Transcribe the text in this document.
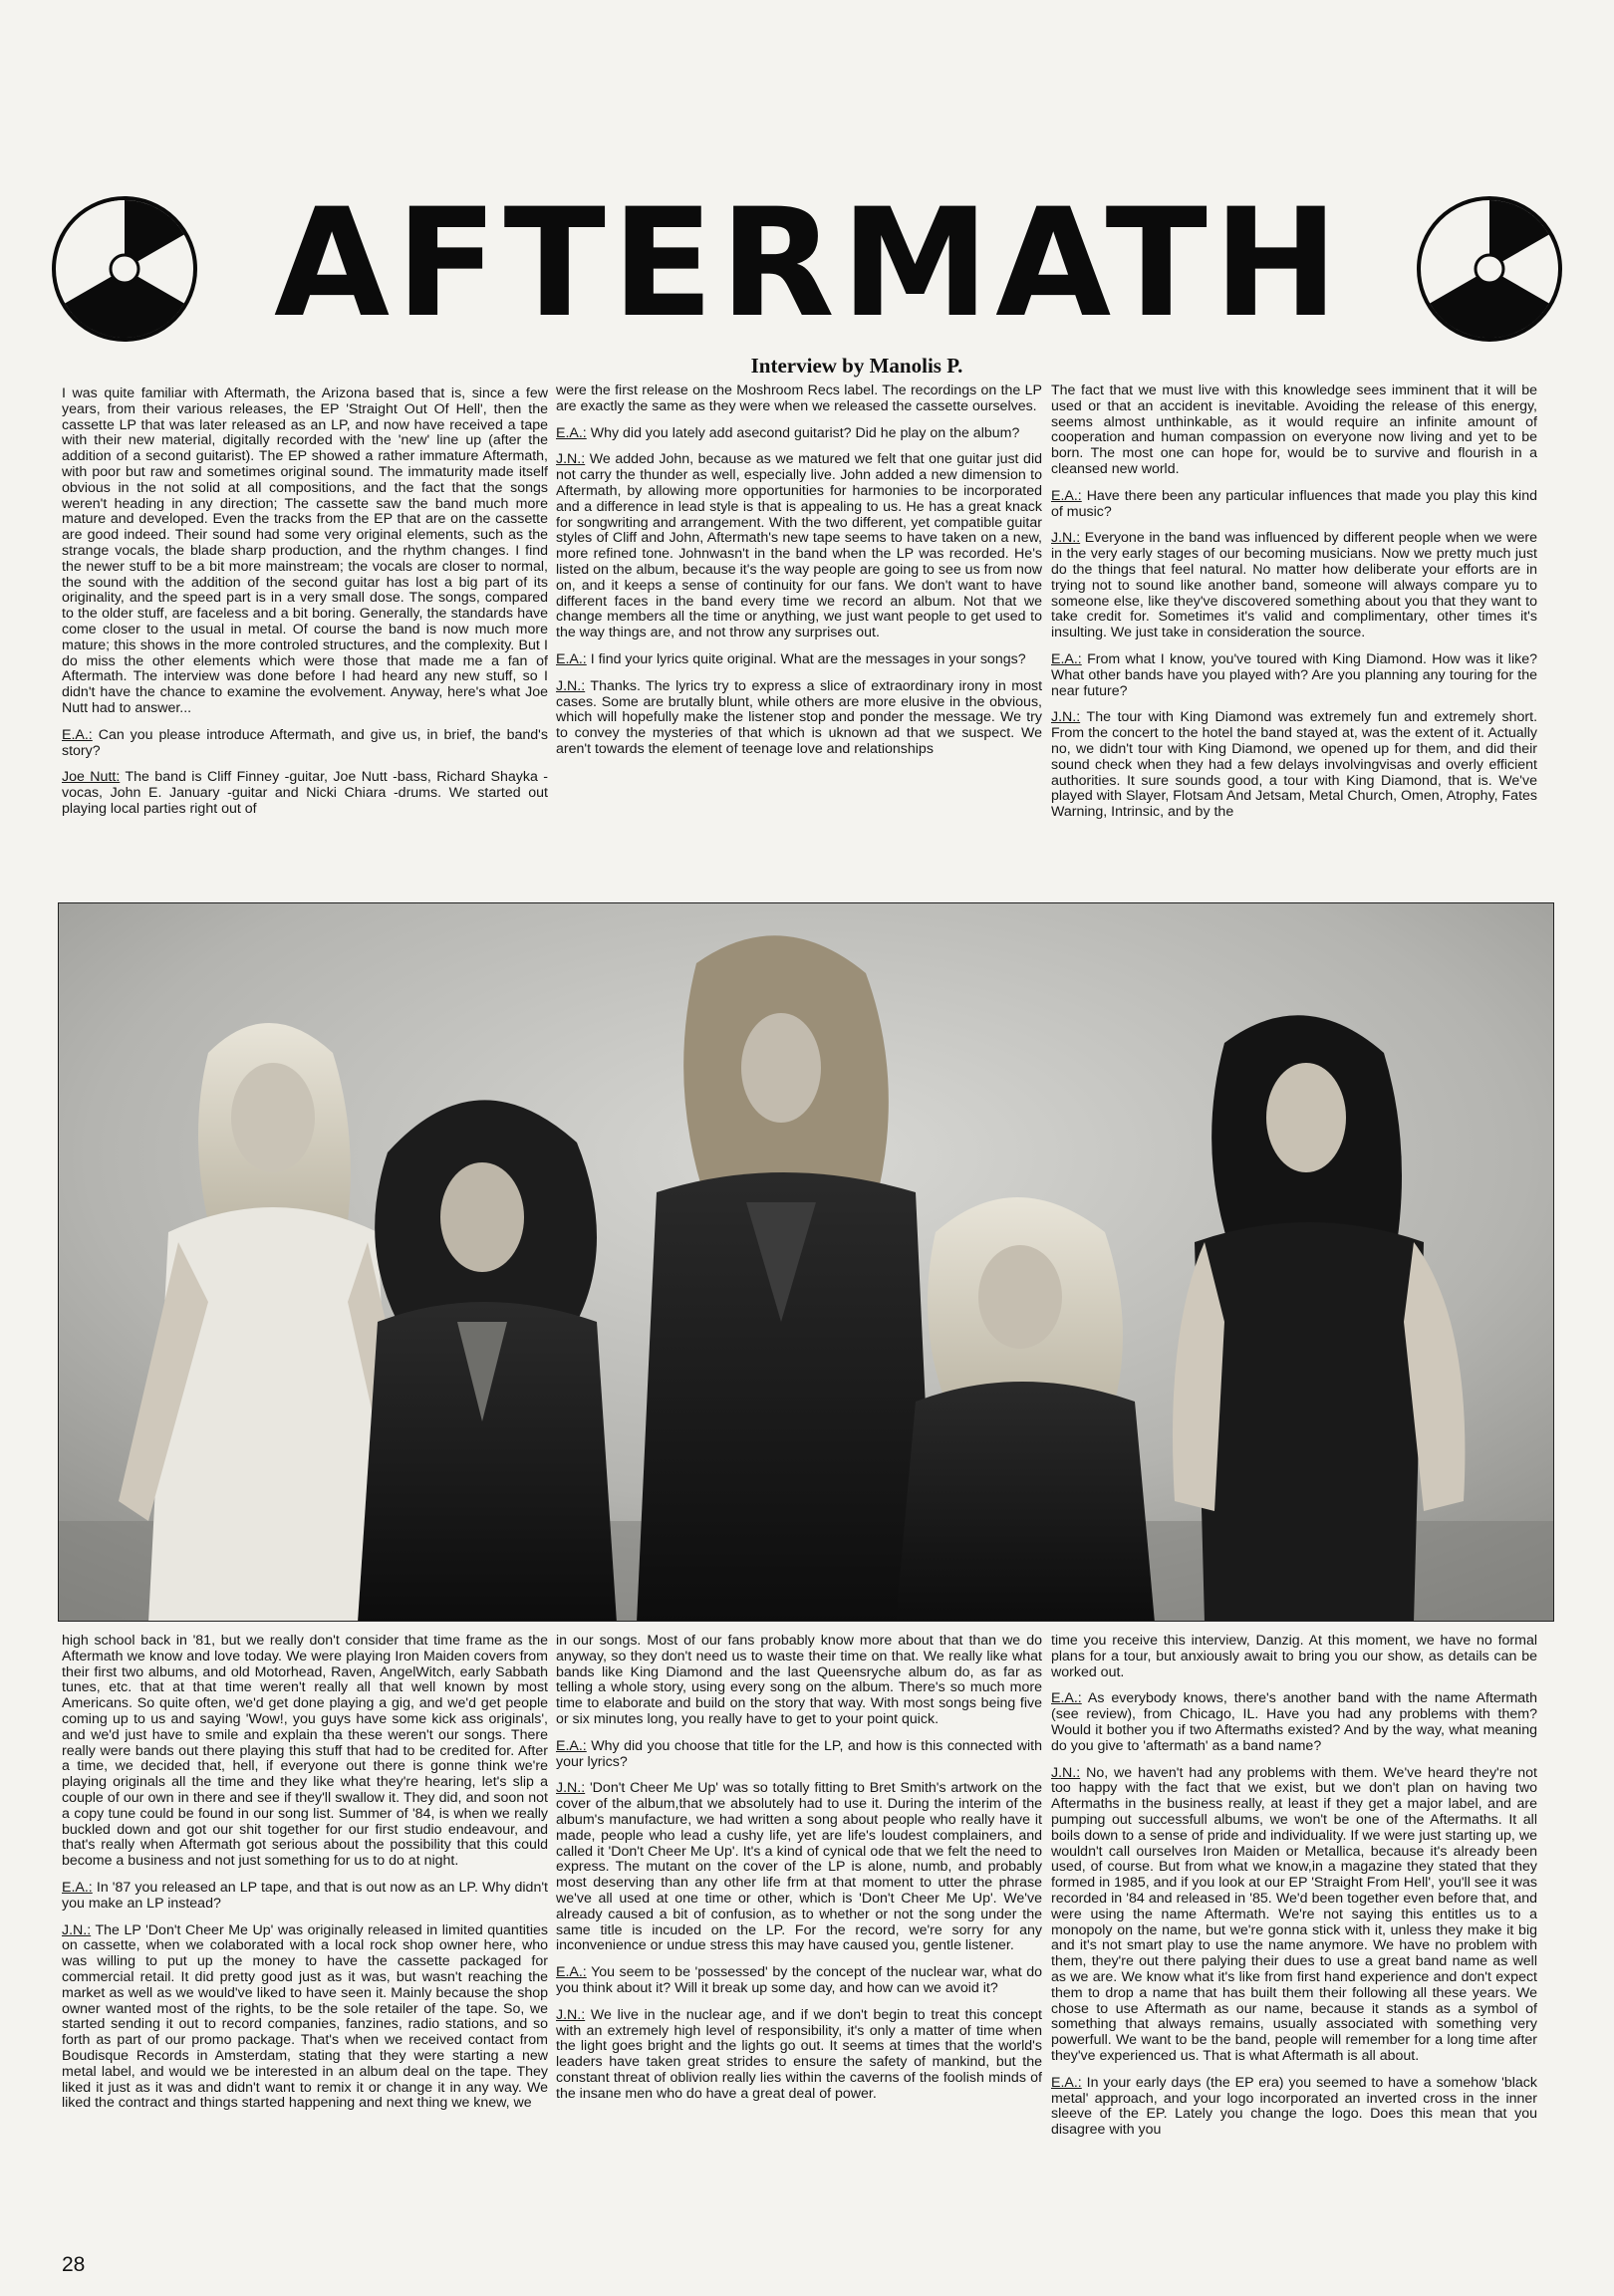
AFTERMATH
Interview by Manolis P.

I was quite familiar with Aftermath, the Arizona based that is, since a few years, from their various releases, the EP 'Straight Out Of Hell', then the cassette LP that was later released as an LP, and now have received a tape with their new material, digitally recorded with the 'new' line up (after the addition of a second guitarist). The EP showed a rather immature Aftermath, with poor but raw and sometimes original sound. The immaturity made itself obvious in the not solid at all compositions, and the fact that the songs weren't heading in any direction; The cassette saw the band much more mature and developed. Even the tracks from the EP that are on the cassette are good indeed. Their sound had some very original elements, such as the strange vocals, the blade sharp production, and the rhythm changes. I find the newer stuff to be a bit more mainstream; the vocals are closer to normal, the sound with the addition of the second guitar has lost a big part of its originality, and the speed part is in a very small dose. The songs, compared to the older stuff, are faceless and a bit boring. Generally, the standards have come closer to the usual in metal. Of course the band is now much more mature; this shows in the more controled structures, and the complexity. But I do miss the other elements which were those that made me a fan of Aftermath. The interview was done before I had heard any new stuff, so I didn't have the chance to examine the evolvement. Anyway, here's what Joe Nutt had to answer...

E.A.: Can you please introduce Aftermath, and give us, in brief, the band's story?

Joe Nutt: The band is Cliff Finney -guitar, Joe Nutt -bass, Richard Shayka -vocas, John E. January -guitar and Nicki Chiara -drums. We started out playing local parties right out of

were the first release on the Moshroom Recs label. The recordings on the LP are exactly the same as they were when we released the cassette ourselves.

E.A.: Why did you lately add asecond guitarist? Did he play on the album?

J.N.: We added John, because as we matured we felt that one guitar just did not carry the thunder as well, especially live. John added a new dimension to Aftermath, by allowing more opportunities for harmonies to be incorporated and a difference in lead style is that is appealing to us. He has a great knack for songwriting and arrangement. With the two different, yet compatible guitar styles of Cliff and John, Aftermath's new tape seems to have taken on a new, more refined tone. Johnwasn't in the band when the LP was recorded. He's listed on the album, because it's the way people are going to see us from now on, and it keeps a sense of continuity for our fans. We don't want to have different faces in the band every time we record an album. Not that we change members all the time or anything, we just want people to get used to the way things are, and not throw any surprises out.

E.A.: I find your lyrics quite original. What are the messages in your songs?

J.N.: Thanks. The lyrics try to express a slice of extraordinary irony in most cases. Some are brutally blunt, while others are more elusive in the obvious, which will hopefully make the listener stop and ponder the message. We try to convey the mysteries of that which is uknown ad that we suspect. We aren't towards the element of teenage love and relationships

The fact that we must live with this knowledge sees imminent that it will be used or that an accident is inevitable. Avoiding the release of this energy, seems almost unthinkable, as it would require an infinite amount of cooperation and human compassion on everyone now living and yet to be born. The most one can hope for, would be to survive and flourish in a cleansed new world.

E.A.: Have there been any particular influences that made you play this kind of music?

J.N.: Everyone in the band was influenced by different people when we were in the very early stages of our becoming musicians. Now we pretty much just do the things that feel natural. No matter how deliberate your efforts are in trying not to sound like another band, someone will always compare yu to someone else, like they've discovered something about you that they want to take credit for. Sometimes it's valid and complimentary, other times it's insulting. We just take in consideration the source.

E.A.: From what I know, you've toured with King Diamond. How was it like? What other bands have you played with? Are you planning any touring for the near future?

J.N.: The tour with King Diamond was extremely fun and extremely short. From the concert to the hotel the band stayed at, was the extent of it. Actually no, we didn't tour with King Diamond, we opened up for them, and did their sound check when they had a few delays involvingvisas and overly efficient authorities. It sure sounds good, a tour with King Diamond, that is. We've played with Slayer, Flotsam And Jetsam, Metal Church, Omen, Atrophy, Fates Warning, Intrinsic, and by the

high school back in '81, but we really don't consider that time frame as the Aftermath we know and love today. We were playing Iron Maiden covers from their first two albums, and old Motorhead, Raven, AngelWitch, early Sabbath tunes, etc. that at that time weren't really all that well known by most Americans. So quite often, we'd get done playing a gig, and we'd get people coming up to us and saying 'Wow!, you guys have some kick ass originals', and we'd just have to smile and explain tha these weren't our songs. There really were bands out there playing this stuff that had to be credited for. After a time, we decided that, hell, if everyone out there is gonne think we're playing originals all the time and they like what they're hearing, let's slip a couple of our own in there and see if they'll swallow it. They did, and soon not a copy tune could be found in our song list. Summer of '84, is when we really buckled down and got our shit together for our first studio endeavour, and that's really when Aftermath got serious about the possibility that this could become a business and not just something for us to do at night.

E.A.: In '87 you released an LP tape, and that is out now as an LP. Why didn't you make an LP instead?

J.N.: The LP 'Don't Cheer Me Up' was originally released in limited quantities on cassette, when we colaborated with a local rock shop owner here, who was willing to put up the money to have the cassette packaged for commercial retail. It did pretty good just as it was, but wasn't reaching the market as well as we would've liked to have seen it. Mainly because the shop owner wanted most of the rights, to be the sole retailer of the tape. So, we started sending it out to record companies, fanzines, radio stations, and so forth as part of our promo package. That's when we received contact from Boudisque Records in Amsterdam, stating that they were starting a new metal label, and would we be interested in an album deal on the tape. They liked it just as it was and didn't want to remix it or change it in any way. We liked the contract and things started happening and next thing we knew, we

in our songs. Most of our fans probably know more about that than we do anyway, so they don't need us to waste their time on that. We really like what bands like King Diamond and the last Queensryche album do, as far as telling a whole story, using every song on the album. There's so much more time to elaborate and build on the story that way. With most songs being five or six minutes long, you really have to get to your point quick.

E.A.: Why did you choose that title for the LP, and how is this connected with your lyrics?

J.N.: 'Don't Cheer Me Up' was so totally fitting to Bret Smith's artwork on the cover of the album,that we absolutely had to use it. During the interim of the album's manufacture, we had written a song about people who really have it made, people who lead a cushy life, yet are life's loudest complainers, and called it 'Don't Cheer Me Up'. It's a kind of cynical ode that we felt the need to express. The mutant on the cover of the LP is alone, numb, and probably most deserving than any other life frm at that moment to utter the phrase we've all used at one time or other, which is 'Don't Cheer Me Up'. We've already caused a bit of confusion, as to whether or not the song under the same title is incuded on the LP. For the record, we're sorry for any inconvenience or undue stress this may have caused you, gentle listener.

E.A.: You seem to be 'possessed' by the concept of the nuclear war, what do you think about it? Will it break up some day, and how can we avoid it?

J.N.: We live in the nuclear age, and if we don't begin to treat this concept with an extremely high level of responsibility, it's only a matter of time when the light goes bright and the lights go out. It seems at times that the world's leaders have taken great strides to ensure the safety of mankind, but the constant threat of oblivion really lies within the caverns of the foolish minds of the insane men who do have a great deal of power.

time you receive this interview, Danzig. At this moment, we have no formal plans for a tour, but anxiously await to bring you our show, as details can be worked out.

E.A.: As everybody knows, there's another band with the name Aftermath (see review), from Chicago, IL. Have you had any problems with them? Would it bother you if two Aftermaths existed? And by the way, what meaning do you give to 'aftermath' as a band name?

J.N.: No, we haven't had any problems with them. We've heard they're not too happy with the fact that we exist, but we don't plan on having two Aftermaths in the business really, at least if they get a major label, and are pumping out successfull albums, we won't be one of the Aftermaths. It all boils down to a sense of pride and individuality. If we were just starting up, we wouldn't call ourselves Iron Maiden or Metallica, because it's already been used, of course. But from what we know,in a magazine they stated that they formed in 1985, and if you look at our EP 'Straight From Hell', you'll see it was recorded in '84 and released in '85. We'd been together even before that, and were using the name Aftermath. We're not saying this entitles us to a monopoly on the name, but we're gonna stick with it, unless they make it big and it's not smart play to use the name anymore. We have no problem with them, they're out there palying their dues to use a great band name as well as we are. We know what it's like from first hand experience and don't expect them to drop a name that has built them their following all these years. We chose to use Aftermath as our name, because it stands as a symbol of something that always remains, usually associated with something very powerfull. We want to be the band, people will remember for a long time after they've experienced us. That is what Aftermath is all about.

E.A.: In your early days (the EP era) you seemed to have a somehow 'black metal' approach, and your logo incorporated an inverted cross in the inner sleeve of the EP. Lately you change the logo. Does this mean that you disagree with you

28
